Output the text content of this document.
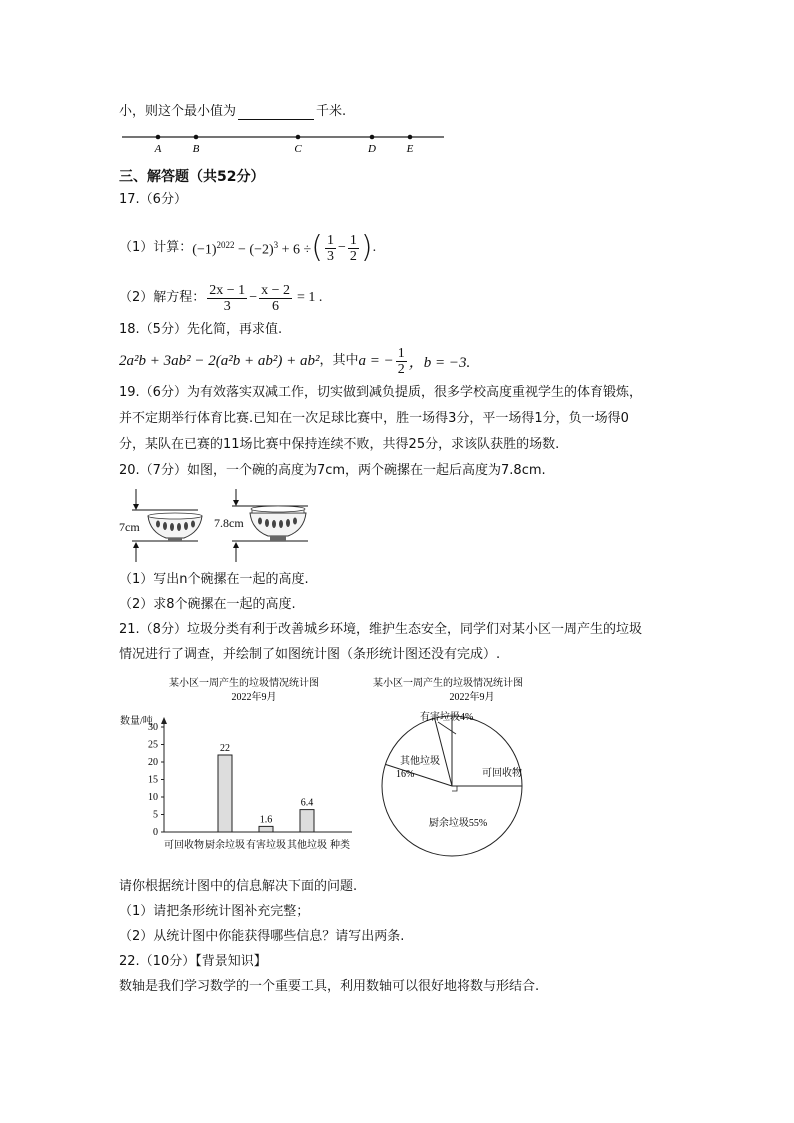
小，则这个最小值为	千米.
A	B	C	D	E
三、解答题（共52分）
17.（6分）
（1）计算： $(-1)^{2022} - (-2)^3 + 6$ ÷ ( $\frac{1}{3} - \frac{1}{2}$ ) .
（2）解方程： $\frac{2x - 1}{3} - \frac{x - 2}{6} = 1$ .
18.（5分）先化简，再求值.
2a²b + 3ab² − 2(a²b + ab²) + ab² ，其中 a = − $\frac{1}{2}$ ，b = −3.
19.（6分）为有效落实双减工作，切实做到减负提质，很多学校高度重视学生的体育锻炼，
并不定期举行体育比赛.已知在一次足球比赛中，胜一场得3分，平一场得1分，负一场得0
分，某队在已赛的11场比赛中保持连续不败，共得25分，求该队获胜的场数.
20.（7分）如图，一个碗的高度为7cm，两个碗摞在一起后高度为7.8cm.
7cm	7.8cm
（1）写出n个碗摞在一起的高度.
（2）求8个碗摞在一起的高度.
21.（8分）垃圾分类有利于改善城乡环境，维护生态安全，同学们对某小区一周产生的垃圾
情况进行了调查，并绘制了如图统计图（条形统计图还没有完成）.
某小区一周产生的垃圾情况统计图
2022年9月
数量/吨
0
5
10
15
20
25
30
可回收物 厨余垃圾
22
有害垃圾
1.6
其他垃圾
6.4
种类
某小区一周产生的垃圾情况统计图
2022年9月
可回收物
厨余垃圾55%
其他垃圾
16%
有害垃圾4%
请你根据统计图中的信息解决下面的问题.
（1）请把条形统计图补充完整；
（2）从统计图中你能获得哪些信息？请写出两条.
22.（10分）【背景知识】
数轴是我们学习数学的一个重要工具，利用数轴可以很好地将数与形结合.
